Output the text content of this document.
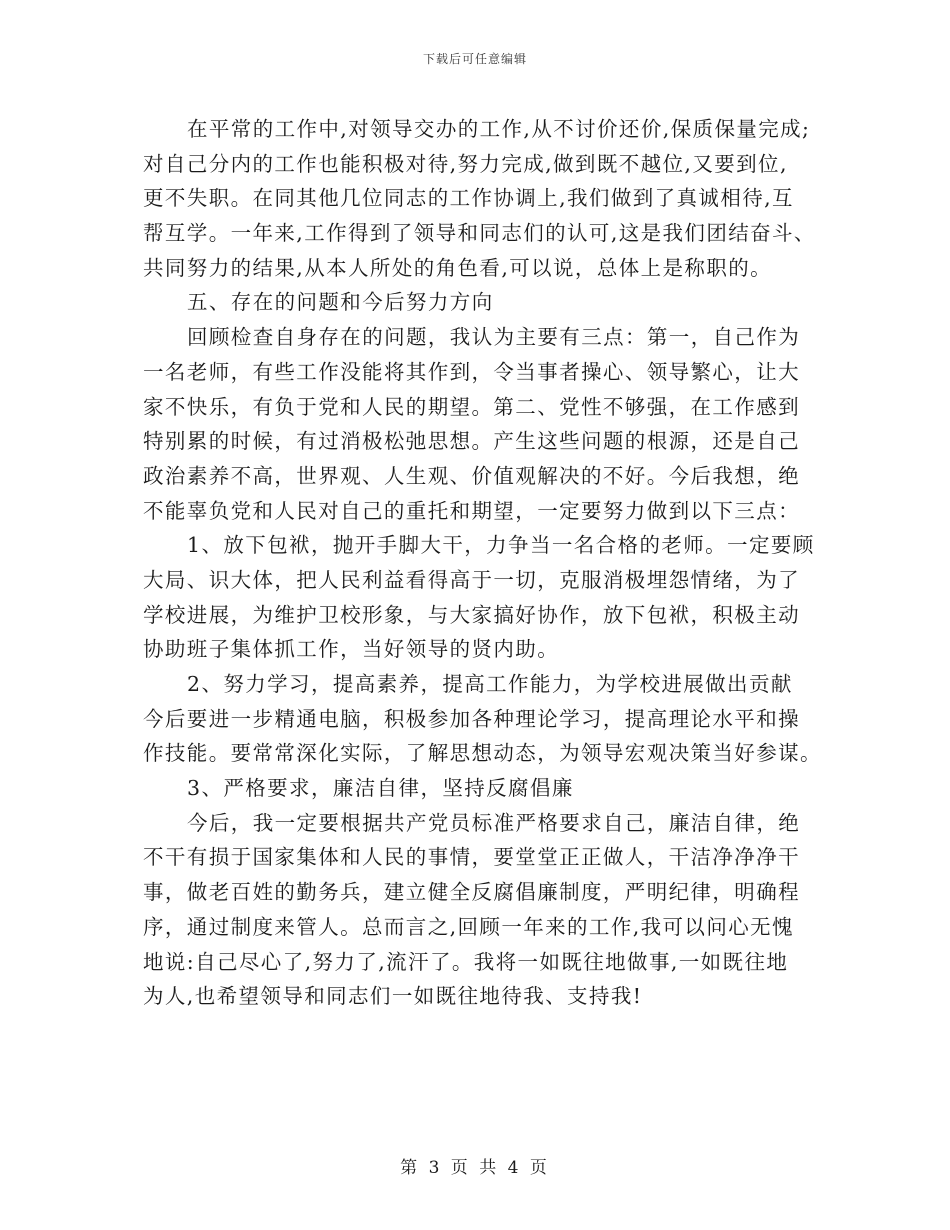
下载后可任意编辑
在平常的工作中,对领导交办的工作,从不讨价还价,保质保量完成;
对自己分内的工作也能积极对待,努力完成,做到既不越位,又要到位,
更不失职。在同其他几位同志的工作协调上,我们做到了真诚相待,互
帮互学。一年来,工作得到了领导和同志们的认可,这是我们团结奋斗、
共同努力的结果,从本人所处的角色看,可以说，总体上是称职的。
五、存在的问题和今后努力方向
回顾检查自身存在的问题，我认为主要有三点：第一，自己作为
一名老师，有些工作没能将其作到，令当事者操心、领导繁心，让大
家不快乐，有负于党和人民的期望。第二、党性不够强，在工作感到
特别累的时候，有过消极松弛思想。产生这些问题的根源，还是自己
政治素养不高，世界观、人生观、价值观解决的不好。今后我想，绝
不能辜负党和人民对自己的重托和期望，一定要努力做到以下三点：
1、放下包袱，抛开手脚大干，力争当一名合格的老师。一定要顾
大局、识大体，把人民利益看得高于一切，克服消极埋怨情绪，为了
学校进展，为维护卫校形象，与大家搞好协作，放下包袱，积极主动
协助班子集体抓工作，当好领导的贤内助。
2、努力学习，提高素养，提高工作能力，为学校进展做出贡献
今后要进一步精通电脑，积极参加各种理论学习，提高理论水平和操
作技能。要常常深化实际，了解思想动态，为领导宏观决策当好参谋。
3、严格要求，廉洁自律，坚持反腐倡廉
今后，我一定要根据共产党员标准严格要求自己，廉洁自律，绝
不干有损于国家集体和人民的事情，要堂堂正正做人，干洁净净净干
事，做老百姓的勤务兵，建立健全反腐倡廉制度，严明纪律，明确程
序，通过制度来管人。总而言之,回顾一年来的工作,我可以问心无愧
地说:自己尽心了,努力了,流汗了。我将一如既往地做事,一如既往地
为人,也希望领导和同志们一如既往地待我、支持我!
第 3 页 共 4 页
